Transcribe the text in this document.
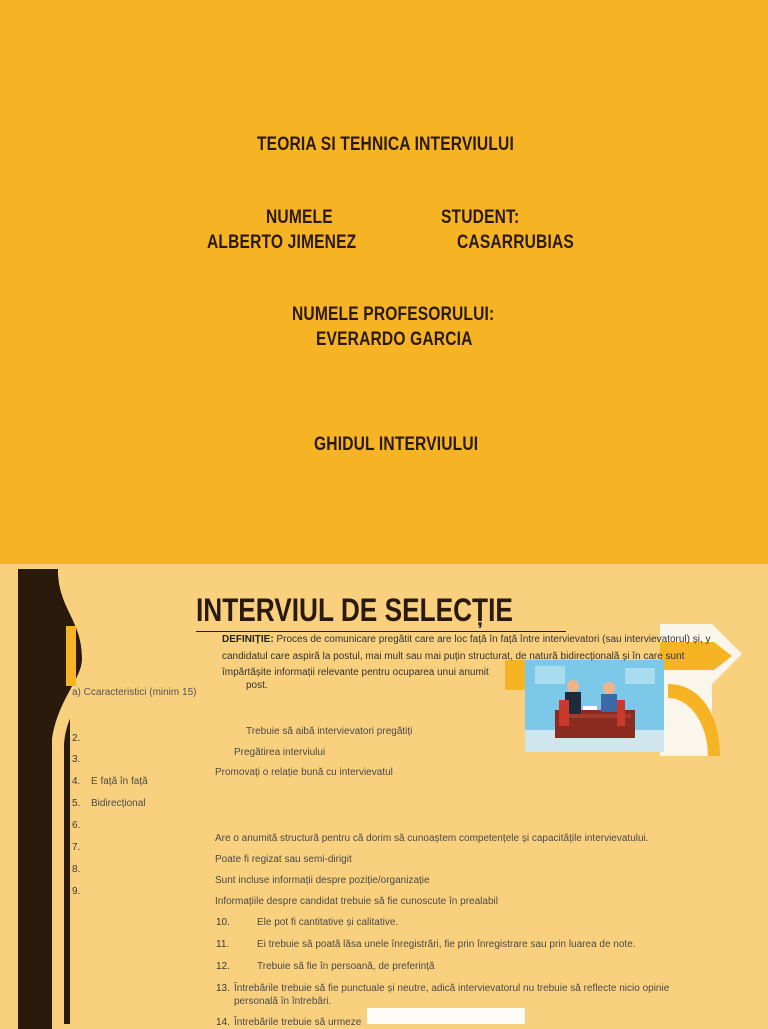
TEORIA SI TEHNICA INTERVIULUI
NUMELE	STUDENT:
ALBERTO JIMENEZ	CASARRUBIAS
NUMELE PROFESORULUI:
EVERARDO GARCIA
GHIDUL INTERVIULUI
INTERVIUL DE SELECȚIE
DEFINIȚIE: Proces de comunicare pregătit care are loc față în față între intervievatori (sau intervievatorul) și, y candidatul care aspiră la postul, mai mult sau mai puțin structurat, de natură bidirecțională și în care sunt împărtășite informații relevante pentru ocuparea unui anumit
post.
a) Ccaracteristici (minim 15)
2.
3.
4.
5.
6.
7.
8.
9.
E față în față
Bidirecțional
Trebuie să aibă intervievatori pregătiți
Pregătirea interviului
Promovați o relație bună cu intervievatul
Are o anumită structură pentru că dorim să cunoaștem competențele și capacitățile intervievatului.
Poate fi regizat sau semi-dirigit
Sunt incluse informații despre poziție/organizație
Informațiile despre candidat trebuie să fie cunoscute în prealabil
10.	Ele pot fi cantitative și calitative.
11.	Ei trebuie să poată lăsa unele înregistrări, fie prin înregistrare sau prin luarea de note.
12.	Trebuie să fie în persoană, de preferință
13. Întrebările trebuie să fie punctuale și neutre, adică intervievatorul nu trebuie să reflecte nicio opinie
personală în întrebări.
14. Întrebările trebuie să urmeze
